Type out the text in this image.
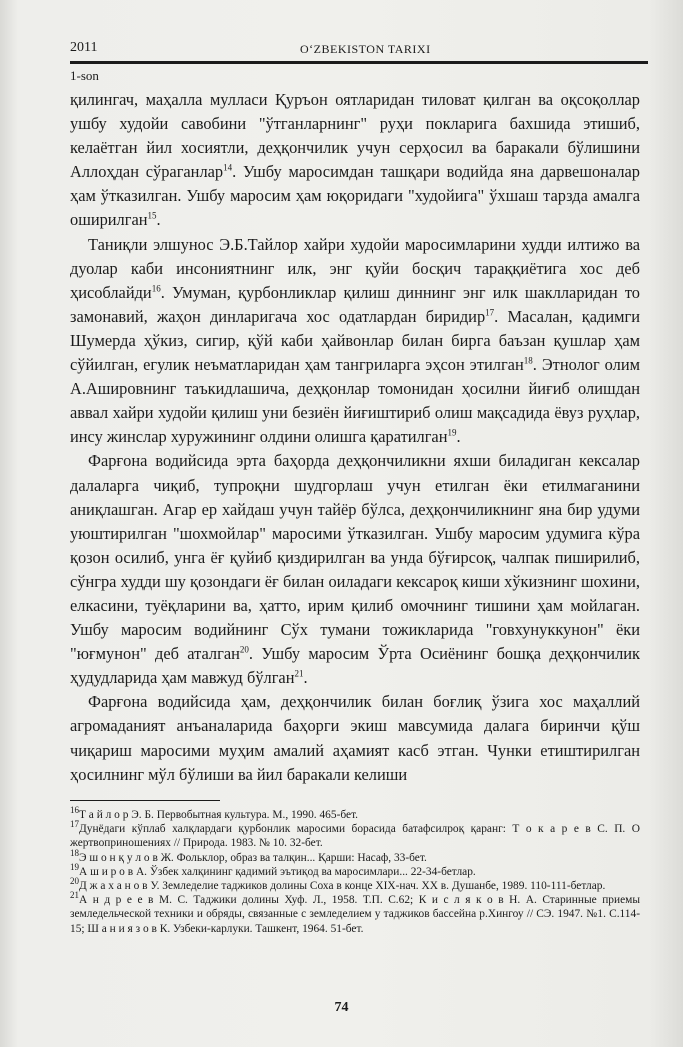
2011	O‘ZBEKISTON TARIXI
1-son

қилингач, маҳалла муллаcи Қуръон оятларидан тиловат қилган ва оқсоқоллар ушбу худойи савобини "ўтганларнинг" руҳи покларига бахшида этишиб, келаётган йил хосиятли, деҳқончилик учун серҳосил ва баракали бўлишини Аллоҳдан сўраганлар$^{14}$. Ушбу маросимдан ташқари водийда яна дарвешоналар ҳам ўтказилган. Ушбу маросим ҳам юқоридаги "худойига" ўхшаш тарзда амалга оширилган$^{15}$.

Таниқли элшунос Э.Б.Тайлор хайри худойи маросимларини худди илтижо ва дуолар каби инсониятнинг илк, энг қуйи босқич тараққиётига хос деб ҳисоблайди$^{16}$. Умуман, қурбонликлар қилиш диннинг энг илк шаклларидан то замонавий, жаҳон динларигача хос одатлардан биридир$^{17}$. Масалан, қадимги Шумерда ҳўкиз, сигир, қўй каби ҳайвонлар билан бирга баъзан қушлар ҳам сўйилган, егулик неъматларидан ҳам тангриларга эҳсон этилган$^{18}$. Этнолог олим А.Ашировнинг таъкидлашича, деҳқонлар томонидан ҳосилни йиғиб олишдан аввал хайри худойи қилиш уни безиён йиғиштириб олиш мақсадида ёвуз руҳлар, инсу жинслар хуружининг олдини олишга қаратилган$^{19}$.

Фарғона водийсида эрта баҳорда деҳқончиликни яхши биладиган кексалар далаларга чиқиб, тупроқни шудгорлаш учун етилган ёки етилмаганини аниқлашган. Агар ер хайдаш учун тайёр бўлса, деҳқончиликнинг яна бир удуми уюштирилган "шохмойлар" маросими ўтказилган. Ушбу маросим удумига кўра қозон осилиб, унга ёғ қуйиб қиздирилган ва унда бўғирсоқ, чалпак пиширилиб, сўнгра худди шу қозондаги ёғ билан оиладаги кексароқ киши хўкизнинг шохини, елкасини, туёқларини ва, ҳатто, ирим қилиб омочнинг тишини ҳам мойлаган. Ушбу маросим водийнинг Сўх тумани тожикларида "говхунуккунон" ёки "юғмунон" деб аталган$^{20}$. Ушбу маросим Ўрта Осиёнинг бошқа деҳқончилик ҳудудларида ҳам мавжуд бўлган$^{21}$.

Фарғона водийсида ҳам, деҳқончилик билан боғлиқ ўзига хос маҳаллий агромаданият анъаналарида баҳорги экиш мавсумида далага биринчи қўш чиқариш маросими муҳим амалий аҳамият касб этган. Чунки етиштирилган ҳосилнинг мўл бўлиши ва йил баракали келиши

$^{16}$Т а й л о р Э. Б. Первобытная культура. М., 1990. 465-бет.
$^{17}$Дунёдаги кўплаб халқлардаги қурбонлик маросими борасида батафсилроқ қаранг: Т о к а р е в С. П. О жертвоприношениях // Природа. 1983. № 10. 32-бет.
$^{18}$Э ш о н қ у л о в Ж. Фольклор, образ ва талқин... Қарши: Насаф, 33-бет.
$^{19}$А ш и р о в А. Ўзбек халқининг қадимий эътиқод ва маросимлари... 22-34-бетлар.
$^{20}$Д ж а х а н о в У. Земледелие таджиков долины Соха в конце XIX-нач. XX в. Душанбе, 1989. 110-111-бетлар.
$^{21}$А н д р е е в М. С. Таджики долины Хуф. Л., 1958. Т.П. С.62; К и с л я к о в Н. А. Старинные приемы земледельческой техники и обряды, связанные с земледелием у таджиков бассейна р.Хингоу // СЭ. 1947. №1. С.114-15; Ш а н и я з о в К. Узбеки-карлуки. Ташкент, 1964. 51-бет.
74
